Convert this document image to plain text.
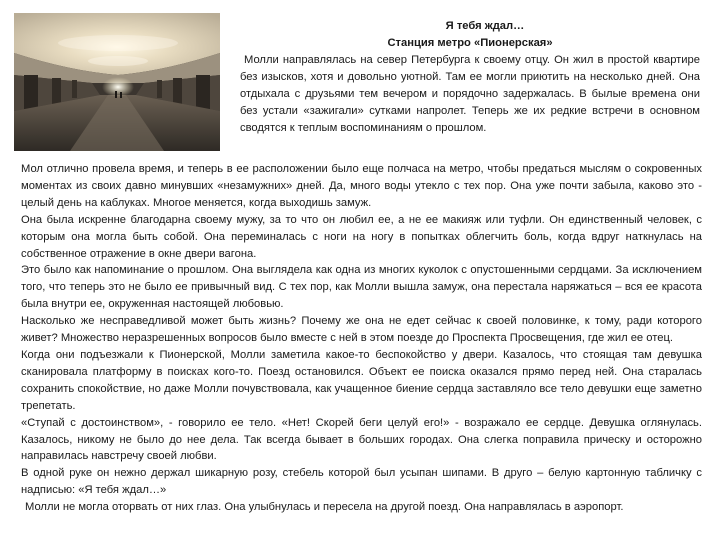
Я тебя ждал…

Станция метро «Пионерская»

Молли направлялась на север Петербурга к своему отцу. Он жил в простой квартире без изысков, хотя и довольно уютной. Там ее могли приютить на несколько дней. Она отдыхала с друзьями тем вечером и порядочно задержалась. В былые времена они без устали «зажигали» сутками напролет. Теперь же их редкие встречи в основном сводятся к теплым воспоминаниям о прошлом.

Мол отлично провела время, и теперь в ее расположении было еще полчаса на метро, чтобы предаться мыслям о сокровенных моментах из своих давно минувших «незамужних» дней. Да, много воды утекло с тех пор. Она уже почти забыла, каково это - целый день на каблуках. Многое меняется, когда выходишь замуж.

Она была искренне благодарна своему мужу, за то что он любил ее, а не ее макияж или туфли. Он единственный человек, с которым она могла быть собой. Она переминалась с ноги на ногу в попытках облегчить боль, когда вдруг наткнулась на собственное отражение в окне двери вагона.

Это было как напоминание о прошлом. Она выглядела как одна из многих куколок с опустошенными сердцами. За исключением того, что теперь это не было ее привычный вид. С тех пор, как Молли вышла замуж, она перестала наряжаться – вся ее красота была внутри ее, окруженная настоящей любовью.

Насколько же несправедливой может быть жизнь? Почему же она не едет сейчас к своей половинке, к тому, ради которого живет? Множество неразрешенных вопросов было вместе с ней в этом поезде до Проспекта Просвещения, где жил ее отец.

Когда они подъезжали к Пионерской, Молли заметила какое-то беспокойство у двери. Казалось, что стоящая там девушка сканировала платформу в поисках кого-то. Поезд остановился. Объект ее поиска оказался прямо перед ней. Она старалась сохранить спокойствие, но даже Молли почувствовала, как учащенное биение сердца заставляло все тело девушки еще заметно трепетать.

«Ступай с достоинством», - говорило ее тело. «Нет! Скорей беги целуй его!» - возражало ее сердце. Девушка оглянулась. Казалось, никому не было до нее дела. Так всегда бывает в больших городах. Она слегка поправила прическу и осторожно направилась навстречу своей любви.

В одной руке он нежно держал шикарную розу, стебель которой был усыпан шипами. В друго – белую картонную табличку с надписью: «Я тебя ждал…»

Молли не могла оторвать от них глаз. Она улыбнулась и пересела на другой поезд. Она направлялась в аэропорт.
